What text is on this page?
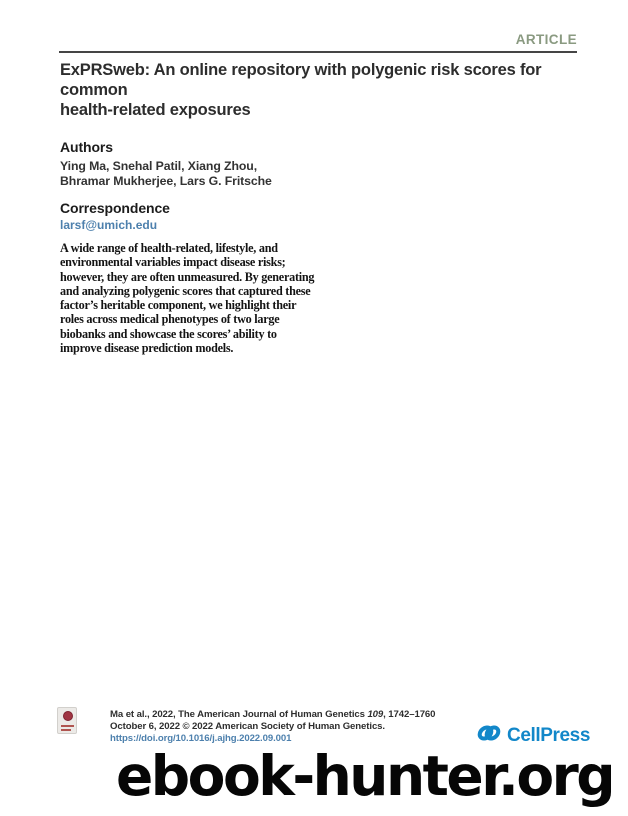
ARTICLE
ExPRSweb: An online repository with polygenic risk scores for common
health-related exposures
Authors
Ying Ma, Snehal Patil, Xiang Zhou,
Bhramar Mukherjee, Lars G. Fritsche
Correspondence
larsf@umich.edu
A wide range of health-related, lifestyle, and environmental variables impact disease risks; however, they are often unmeasured. By generating and analyzing polygenic scores that captured these factor’s heritable component, we highlight their roles across medical phenotypes of two large biobanks and showcase the scores’ ability to improve disease prediction models.
Ma et al., 2022, The American Journal of Human Genetics 109, 1742–1760
October 6, 2022 © 2022 American Society of Human Genetics.
https://doi.org/10.1016/j.ajhg.2022.09.001	CellPress
ebook-hunter.org
